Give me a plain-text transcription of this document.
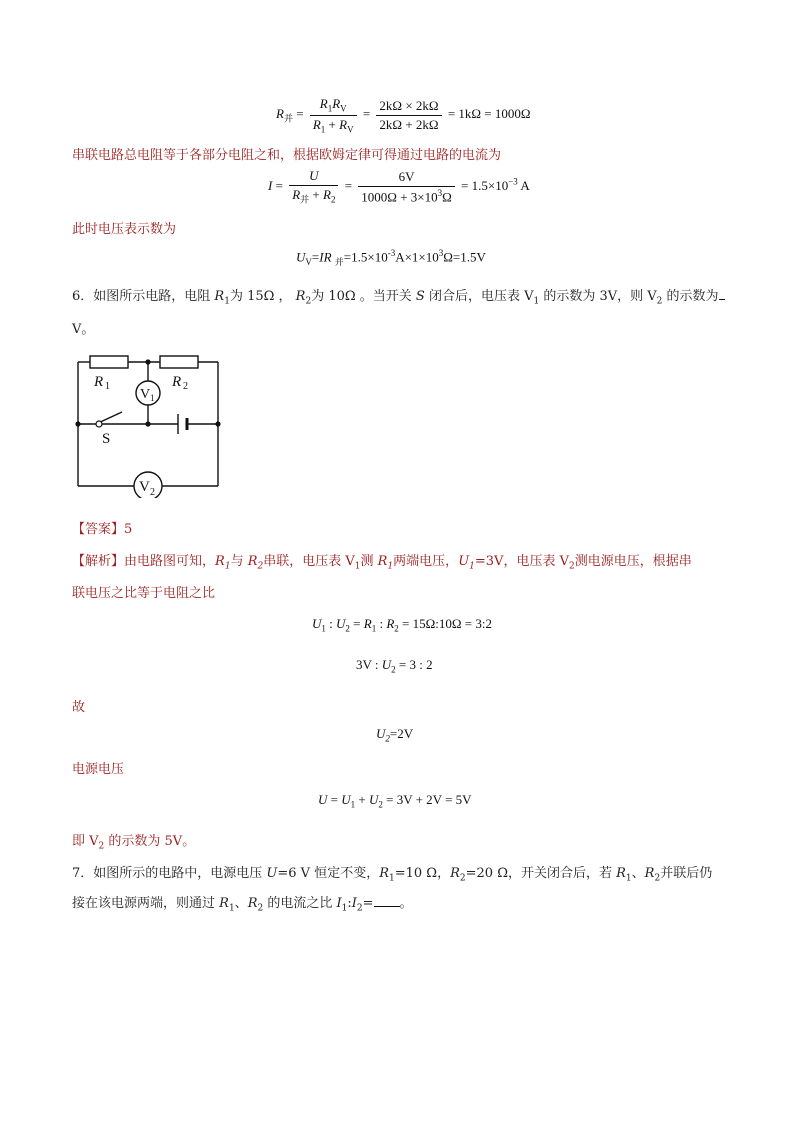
$R_并 = \frac{R_1R_V}{R_1 + R_V} = \frac{2k\Omega \times 2k\Omega}{2k\Omega + 2k\Omega} = 1k\Omega = 1000\Omega$
串联电路总电阻等于各部分电阻之和，根据欧姆定律可得通过电路的电流为
$I = \frac{U}{R_并 + R_2} = \frac{6V}{1000\Omega + 3\times 10^3\Omega} = 1.5\times 10^{-3}$ A
此时电压表示数为
$U_V=IR$ $_并=1.5\times 10^{-3}A\times 1\times 10^3\Omega=1.5V$
6．如图所示电路，电阻 $R_1$为 15Ω ， $R_2$为 10Ω 。当开关 S 闭合后，电压表 $V_1$ 的示数为 3V，则 $V_2$ 的示数为
V。
R 1	R 2
V 1
V 2
S
【答案】5
【解析】由电路图可知，$R_1$与 $R_2$串联，电压表 $V_1$测 $R_1$两端电压，$U_1=3V$，电压表 $V_2$测电源电压，根据串
联电压之比等于电阻之比
$U_1$ : $U_2 = R_1$ : $R_2$ = 15Ω:10Ω = 3:2
3V : $U_2 = 3$ : 2
故
$U_2=2V$
电源电压
$U = U_1 + U_2 = 3V + 2V = 5V$
即 $V_2$ 的示数为 5V。
7．如图所示的电路中，电源电压 U=6 V 恒定不变，$R_1=10$ Ω，$R_2=20$ Ω，开关闭合后，若 $R_1$、$R_2$并联后仍
接在该电源两端，则通过 $R_1$、$R_2$ 的电流之比 $I_1:I_2=$ 。
